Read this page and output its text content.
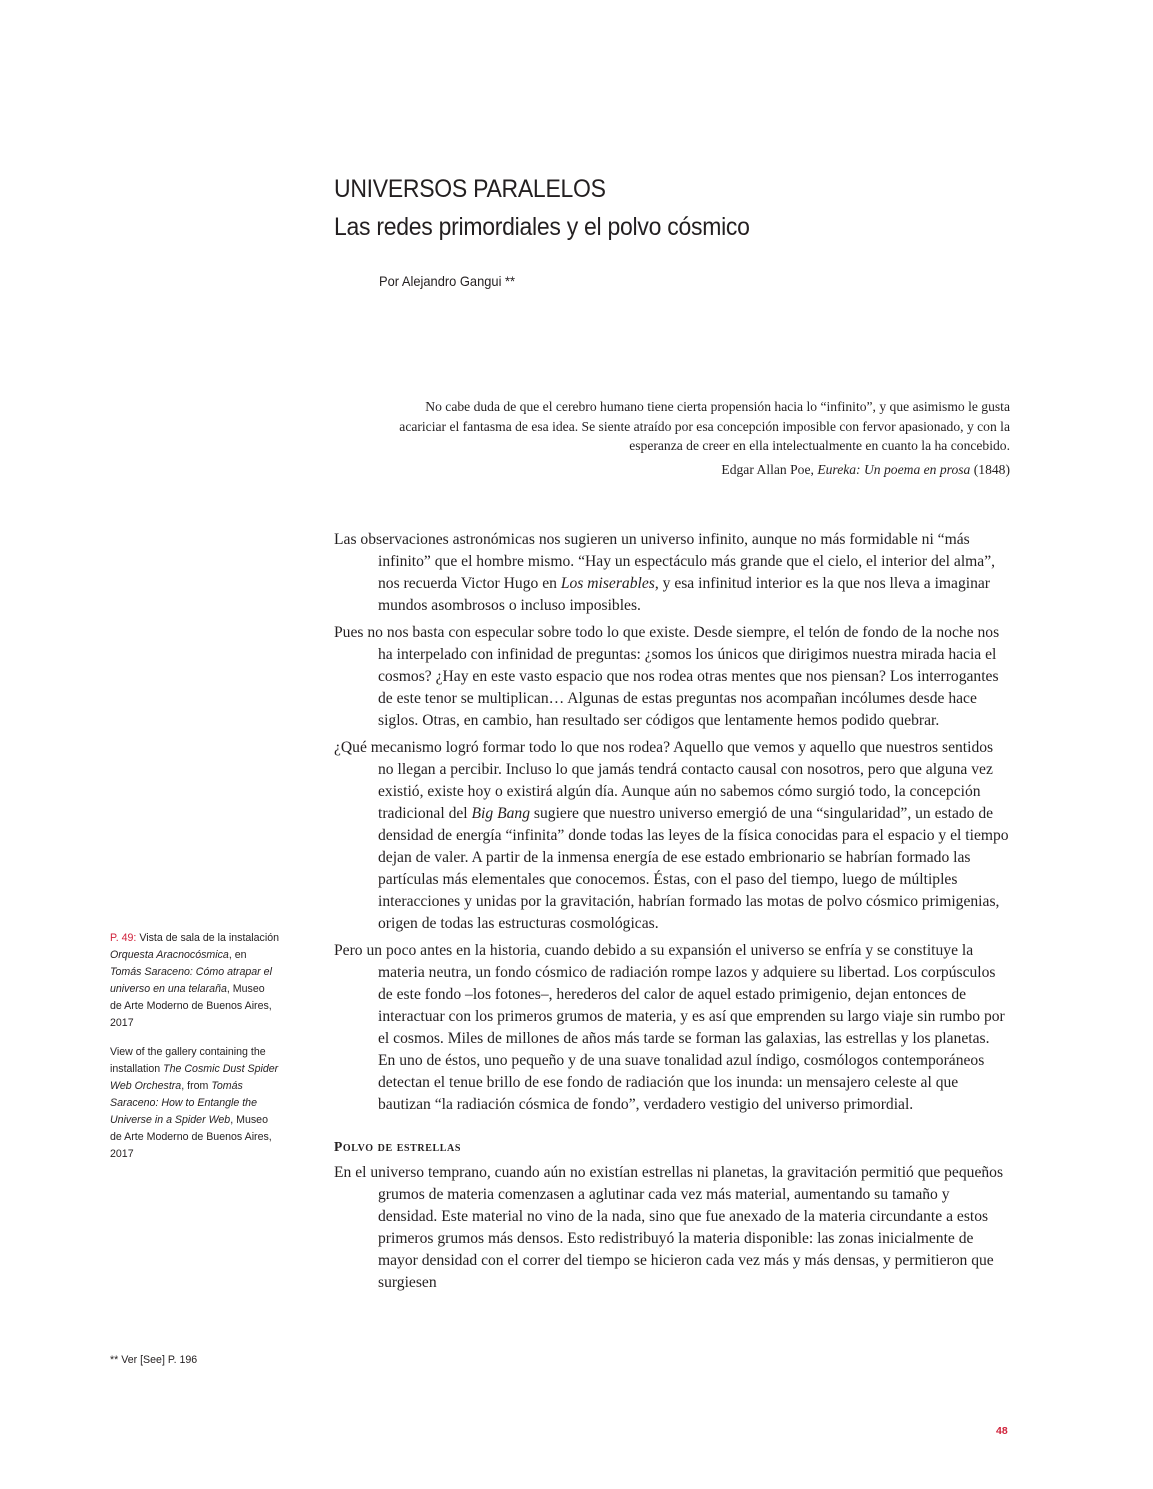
UNIVERSOS PARALELOS
Las redes primordiales y el polvo cósmico
Por Alejandro Gangui **

No cabe duda de que el cerebro humano tiene cierta propensión hacia lo “infinito”, y que asimismo le gusta acariciar el fantasma de esa idea. Se siente atraído por esa concepción imposible con fervor apasionado, y con la esperanza de creer en ella intelectualmente en cuanto la ha concebido.

Edgar Allan Poe, Eureka: Un poema en prosa (1848)

Las observaciones astronómicas nos sugieren un universo infinito, aunque no más formidable ni “más infinito” que el hombre mismo. “Hay un espectáculo más grande que el cielo, el interior del alma”, nos recuerda Victor Hugo en Los miserables, y esa infinitud interior es la que nos lleva a imaginar mundos asombrosos o incluso imposibles.

Pues no nos basta con especular sobre todo lo que existe. Desde siempre, el telón de fondo de la noche nos ha interpelado con infinidad de preguntas: ¿somos los únicos que dirigimos nuestra mirada hacia el cosmos? ¿Hay en este vasto espacio que nos rodea otras mentes que nos piensan? Los interrogantes de este tenor se multiplican… Algunas de estas preguntas nos acompañan incólumes desde hace siglos. Otras, en cambio, han resultado ser códigos que lentamente hemos podido quebrar.

¿Qué mecanismo logró formar todo lo que nos rodea? Aquello que vemos y aquello que nuestros sentidos no llegan a percibir. Incluso lo que jamás tendrá contacto causal con nosotros, pero que alguna vez existió, existe hoy o existirá algún día. Aunque aún no sabemos cómo surgió todo, la concepción tradicional del Big Bang sugiere que nuestro universo emergió de una “singularidad”, un estado de densidad de energía “infinita” donde todas las leyes de la física conocidas para el espacio y el tiempo dejan de valer. A partir de la inmensa energía de ese estado embrionario se habrían formado las partículas más elementales que conocemos. Éstas, con el paso del tiempo, luego de múltiples interacciones y unidas por la gravitación, habrían formado las motas de polvo cósmico primigenias, origen de todas las estructuras cosmológicas.

Pero un poco antes en la historia, cuando debido a su expansión el universo se enfría y se constituye la materia neutra, un fondo cósmico de radiación rompe lazos y adquiere su libertad. Los corpúsculos de este fondo –los fotones–, herederos del calor de aquel estado primigenio, dejan entonces de interactuar con los primeros grumos de materia, y es así que emprenden su largo viaje sin rumbo por el cosmos. Miles de millones de años más tarde se forman las galaxias, las estrellas y los planetas. En uno de éstos, uno pequeño y de una suave tonalidad azul índigo, cosmólogos contemporáneos detectan el tenue brillo de ese fondo de radiación que los inunda: un mensajero celeste al que bautizan “la radiación cósmica de fondo”, verdadero vestigio del universo primordial.

Polvo de estrellas

En el universo temprano, cuando aún no existían estrellas ni planetas, la gravitación permitió que pequeños grumos de materia comenzasen a aglutinar cada vez más material, aumentando su tamaño y densidad. Este material no vino de la nada, sino que fue anexado de la materia circundante a estos primeros grumos más densos. Esto redistribuyó la materia disponible: las zonas inicialmente de mayor densidad con el correr del tiempo se hicieron cada vez más y más densas, y permitieron que surgiesen

P. 49: Vista de sala de la instalación Orquesta Aracnocósmica, en Tomás Saraceno: Cómo atrapar el universo en una telaraña, Museo de Arte Moderno de Buenos Aires, 2017

View of the gallery containing the installation The Cosmic Dust Spider Web Orchestra, from Tomás Saraceno: How to Entangle the Universe in a Spider Web, Museo de Arte Moderno de Buenos Aires, 2017

** Ver [See] P. 196
48
